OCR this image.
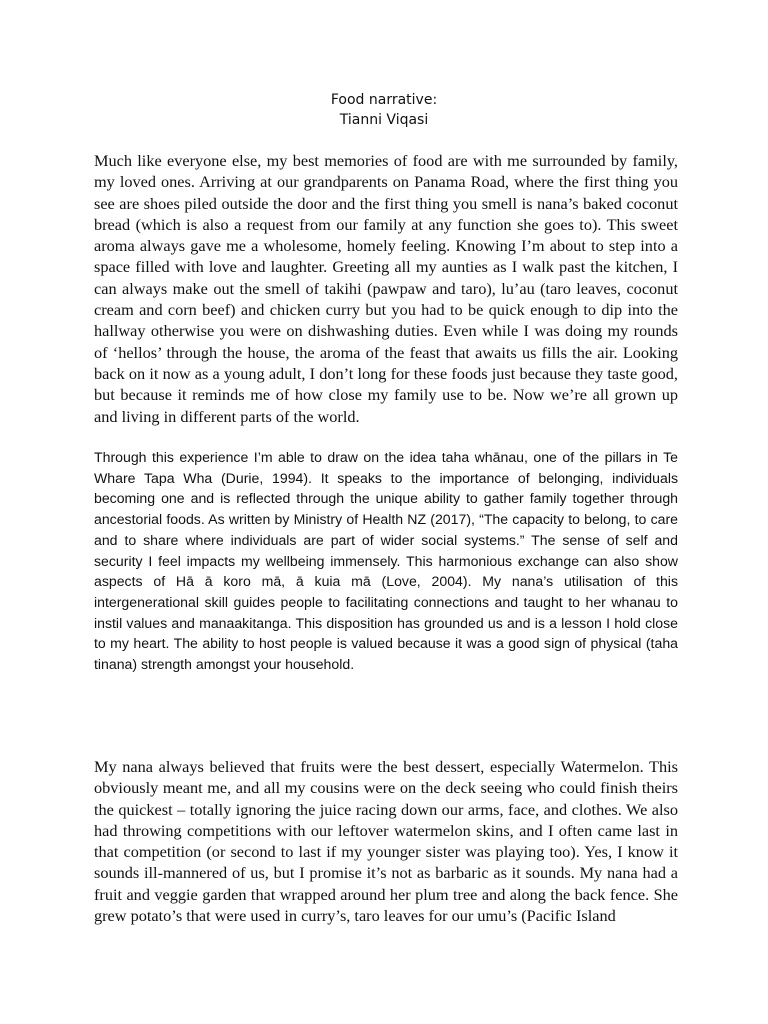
Food narrative:
Tianni Viqasi

Much like everyone else, my best memories of food are with me surrounded by family, my loved ones. Arriving at our grandparents on Panama Road, where the first thing you see are shoes piled outside the door and the first thing you smell is nana’s baked coconut bread (which is also a request from our family at any function she goes to). This sweet aroma always gave me a wholesome, homely feeling. Knowing I’m about to step into a space filled with love and laughter. Greeting all my aunties as I walk past the kitchen, I can always make out the smell of takihi (pawpaw and taro), lu’au (taro leaves, coconut cream and corn beef) and chicken curry but you had to be quick enough to dip into the hallway otherwise you were on dishwashing duties. Even while I was doing my rounds of ‘hellos’ through the house, the aroma of the feast that awaits us fills the air. Looking back on it now as a young adult, I don’t long for these foods just because they taste good, but because it reminds me of how close my family use to be. Now we’re all grown up and living in different parts of the world.

Through this experience I’m able to draw on the idea taha whānau, one of the pillars in Te Whare Tapa Wha (Durie, 1994). It speaks to the importance of belonging, individuals becoming one and is reflected through the unique ability to gather family together through ancestorial foods. As written by Ministry of Health NZ (2017), “The capacity to belong, to care and to share where individuals are part of wider social systems.” The sense of self and security I feel impacts my wellbeing immensely. This harmonious exchange can also show aspects of Hā ā koro mā, ā kuia mā (Love, 2004). My nana’s utilisation of this intergenerational skill guides people to facilitating connections and taught to her whanau to instil values and manaakitanga. This disposition has grounded us and is a lesson I hold close to my heart. The ability to host people is valued because it was a good sign of physical (taha tinana) strength amongst your household.

My nana always believed that fruits were the best dessert, especially Watermelon. This obviously meant me, and all my cousins were on the deck seeing who could finish theirs the quickest – totally ignoring the juice racing down our arms, face, and clothes. We also had throwing competitions with our leftover watermelon skins, and I often came last in that competition (or second to last if my younger sister was playing too). Yes, I know it sounds ill-mannered of us, but I promise it’s not as barbaric as it sounds. My nana had a fruit and veggie garden that wrapped around her plum tree and along the back fence. She grew potato’s that were used in curry’s, taro leaves for our umu’s (Pacific Island
